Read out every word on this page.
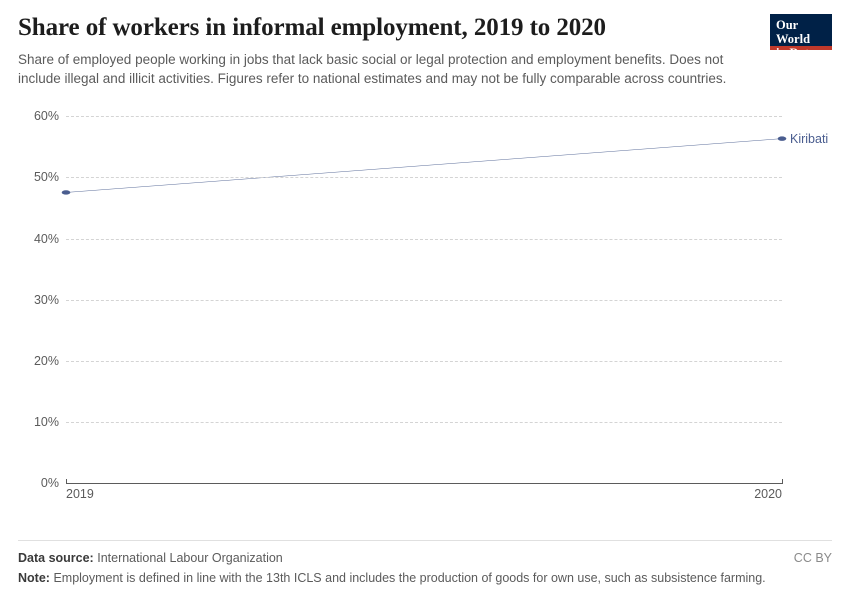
Share of workers in informal employment, 2019 to 2020

Share of employed people working in jobs that lack basic social or legal protection and employment benefits. Does not include illegal and illicit activities. Figures refer to national estimates and may not be fully comparable across countries.

Our World
in Data
2019	2020
0%
10%
20%
30%
40%
50%
60%
Kiribati
Data source: International Labour Organization	CC BY
Note: Employment is defined in line with the 13th ICLS and includes the production of goods for own use, such as subsistence farming.
